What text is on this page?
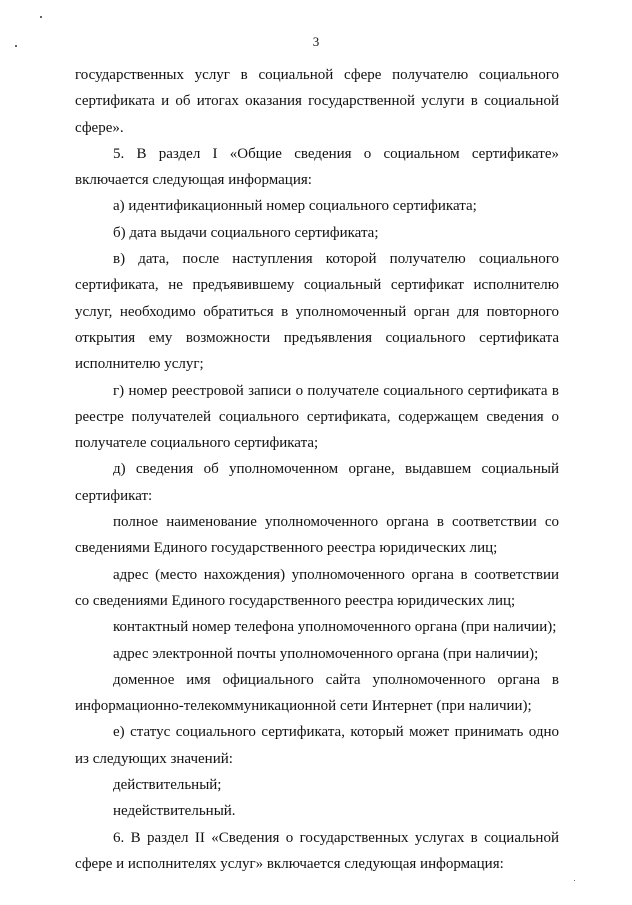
3

государственных услуг в социальной сфере получателю социального сертификата и об итогах оказания государственной услуги в социальной сфере».

5. В раздел I «Общие сведения о социальном сертификате» включается следующая информация:

а) идентификационный номер социального сертификата;

б) дата выдачи социального сертификата;

в) дата, после наступления которой получателю социального сертификата, не предъявившему социальный сертификат исполнителю услуг, необходимо обратиться в уполномоченный орган для повторного открытия ему возможности предъявления социального сертификата исполнителю услуг;

г) номер реестровой записи о получателе социального сертификата в реестре получателей социального сертификата, содержащем сведения о получателе социального сертификата;

д) сведения об уполномоченном органе, выдавшем социальный сертификат:

полное наименование уполномоченного органа в соответствии со сведениями Единого государственного реестра юридических лиц;

адрес (место нахождения) уполномоченного органа в соответствии со сведениями Единого государственного реестра юридических лиц;

контактный номер телефона уполномоченного органа (при наличии);

адрес электронной почты уполномоченного органа (при наличии);

доменное имя официального сайта уполномоченного органа в информационно-телекоммуникационной сети Интернет (при наличии);

е) статус социального сертификата, который может принимать одно из следующих значений:

действительный;

недействительный.

6. В раздел II «Сведения о государственных услугах в социальной сфере и исполнителях услуг» включается следующая информация:
